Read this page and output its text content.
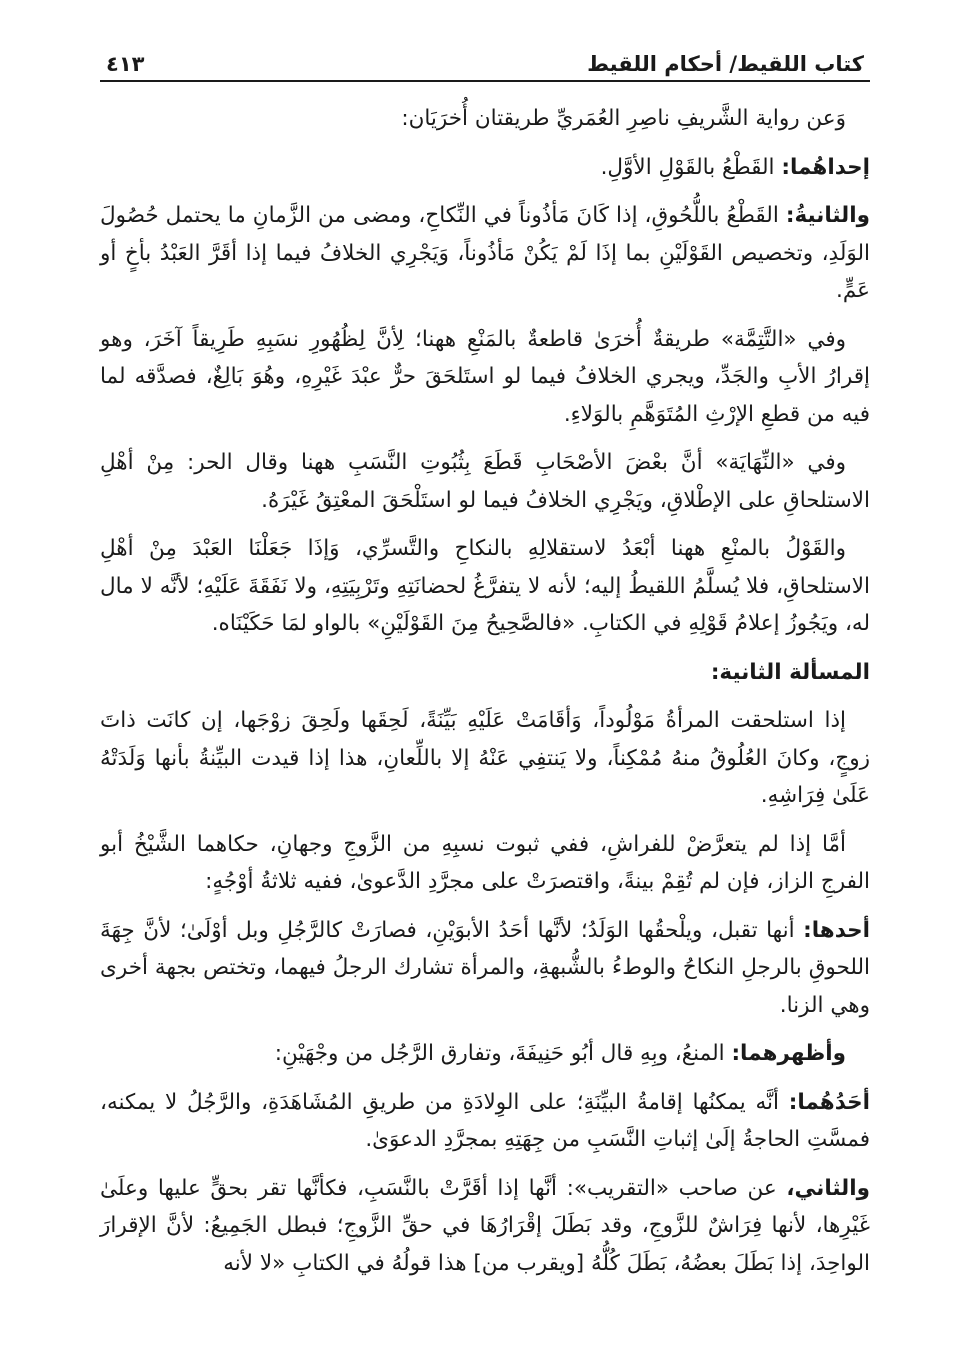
كتاب اللقيط/ أحكام اللقيط
٤١٣

وَعن رواية الشَّريفِ ناصِرِ العُمَريِّ طريقتان أُخرَيَان:

إحداهُما: القَطْعُ بالقَوْلِ الأوَّلِ.

والثانيةُ: القَطْعُ باللُّحُوقِ، إذا كَانَ مَأذُوناً في النِّكاحِ، ومضى من الزَّمانِ ما يحتمل حُصُولَ الوَلَدِ، وتخصيص القَوْلَيْنِ بما إذَا لَمْ يَكُنْ مَأذُوناً، وَيَجْرِي الخلافُ فيما إذا أقَرَّ العَبْدُ بأخٍ أو عَمٍّ.

وفي «التَّتِمَّة» طريقةٌ أُخرَىٰ قاطعةٌ بالمَنْعِ ههنا؛ لِأنَّ لِظُهُورِ نسَبِهِ طَرِيقاً آخَرَ، وهو إقرارُ الأبِ والجَدِّ، ويجري الخلافُ فيما لو استَلحَقَ حرٌّ عبْدَ غَيْرِهِ، وهُوَ بَالِغٌ، فصدَّقه لما فيه من قطعِ الإرْثِ المُتَوَهَّمِ بالوَلاءِ.

وفي «النِّهَايَة» أنَّ بعْضَ الأصْحَابِ قَطَعَ بِثُبُوتِ النَّسَبِ ههنا وقال الحر: مِنْ أهْلِ الاستلحاقِ على الإطْلاقِ، ويَجْرِي الخلافُ فيما لو استَلْحَقَ المعْتِقُ غَيْرَهُ.

والقَوْلُ بالمنْعِ ههنا أبْعَدُ لاستقلالِهِ بالنكاحِ والتَّسرِّي، وَإذَا جَعَلْنَا العَبْدَ مِنْ أهْلِ الاستلحاقِ، فلا يُسلَّمُ اللقيطُ إليه؛ لأنه لا يتفرَّغُ لحضانَتِهِ وتَرْبِيَتِهِ، ولا نَفَقَةَ عَلَيْهِ؛ لأنَّه لا مال له، ويَجُوزُ إعلامُ قَوْلِهِ في الكتابِ. «فالصَّحِيحُ مِنَ القَوْلَيْنِ» بالواو لمَا حَكَيْنَاه.

المسألة الثانية:

إذا استلحقت المرأةُ مَوْلُوداً، وَأقَامَتْ عَلَيْهِ بَيِّنَةً، لَحِقَها ولَحِقَ زوْجَها، إن كانَت ذاتَ زوجٍ، وكانَ العُلُوقُ منهُ مُمْكِناً، ولا يَنتفِي عَنْهُ إلا باللِّعانِ، هذا إذا قيدت البيِّنةُ بأنها وَلَدَتْهُ عَلَىٰ فِرَاشِهِ.

أمَّا إذا لم يتعرَّضْ للفراشِ، ففي ثبوت نسبِهِ من الزَّوجِ وجهانِ، حكاهما الشَّيْخُ أبو الفرجِ الزاز، فإن لم تُقِمْ بينةً، واقتصرَتْ على مجرَّدِ الدَّعوىٰ، ففيه ثلاثةُ أوْجُهٍ:

أحدها: أنها تقبل، ويلْحقُها الوَلَدُ؛ لأنَّها أحَدُ الأبوَيْنِ، فصارَتْ كالرَّجُلِ وبل أوْلَىٰ؛ لأنَّ جِهَةَ اللحوقِ بالرجلِ النكاحُ والوطءُ بالشُّبهةِ، والمرأة تشارك الرجلُ فيهما، وتختص بجهة أخرى وهي الزنا.

وأظهرهما: المنعُ، وبِهِ قال أبُو حَنِيفَةَ، وتفارق الرَّجُل من وجْهَيْنِ:

أحَدُهُما: أنَّه يمكنُها إقامةُ البيِّنَةِ؛ على الوِلادَةِ من طريقِ المُشَاهَدَةِ، والرَّجُلُ لا يمكنه، فمسَّتِ الحاجةُ إلَىٰ إثباتِ النَّسَبِ من جِهَتِهِ بمجرَّدِ الدعوَىٰ.

والثاني، عن صاحب «التقريب»: أنَّها إذا أقَرَّتْ بالنَّسَبِ، فكأنَّها تقر بحقٍّ عليها وعلَىٰ غَيْرِها، لأنها فِرَاشٌ للزَّوجِ، وقد بَطَلَ إقْرَارُهَا في حقِّ الزَّوجِ؛ فبطل الجَمِيعُ: لأنَّ الإقرارَ الواحِدَ، إذا بَطَلَ بعضُهُ، بَطَلَ كُلُّهُ [ويقرب من] هذا قولُهُ في الكتابِ «لا لأنه
